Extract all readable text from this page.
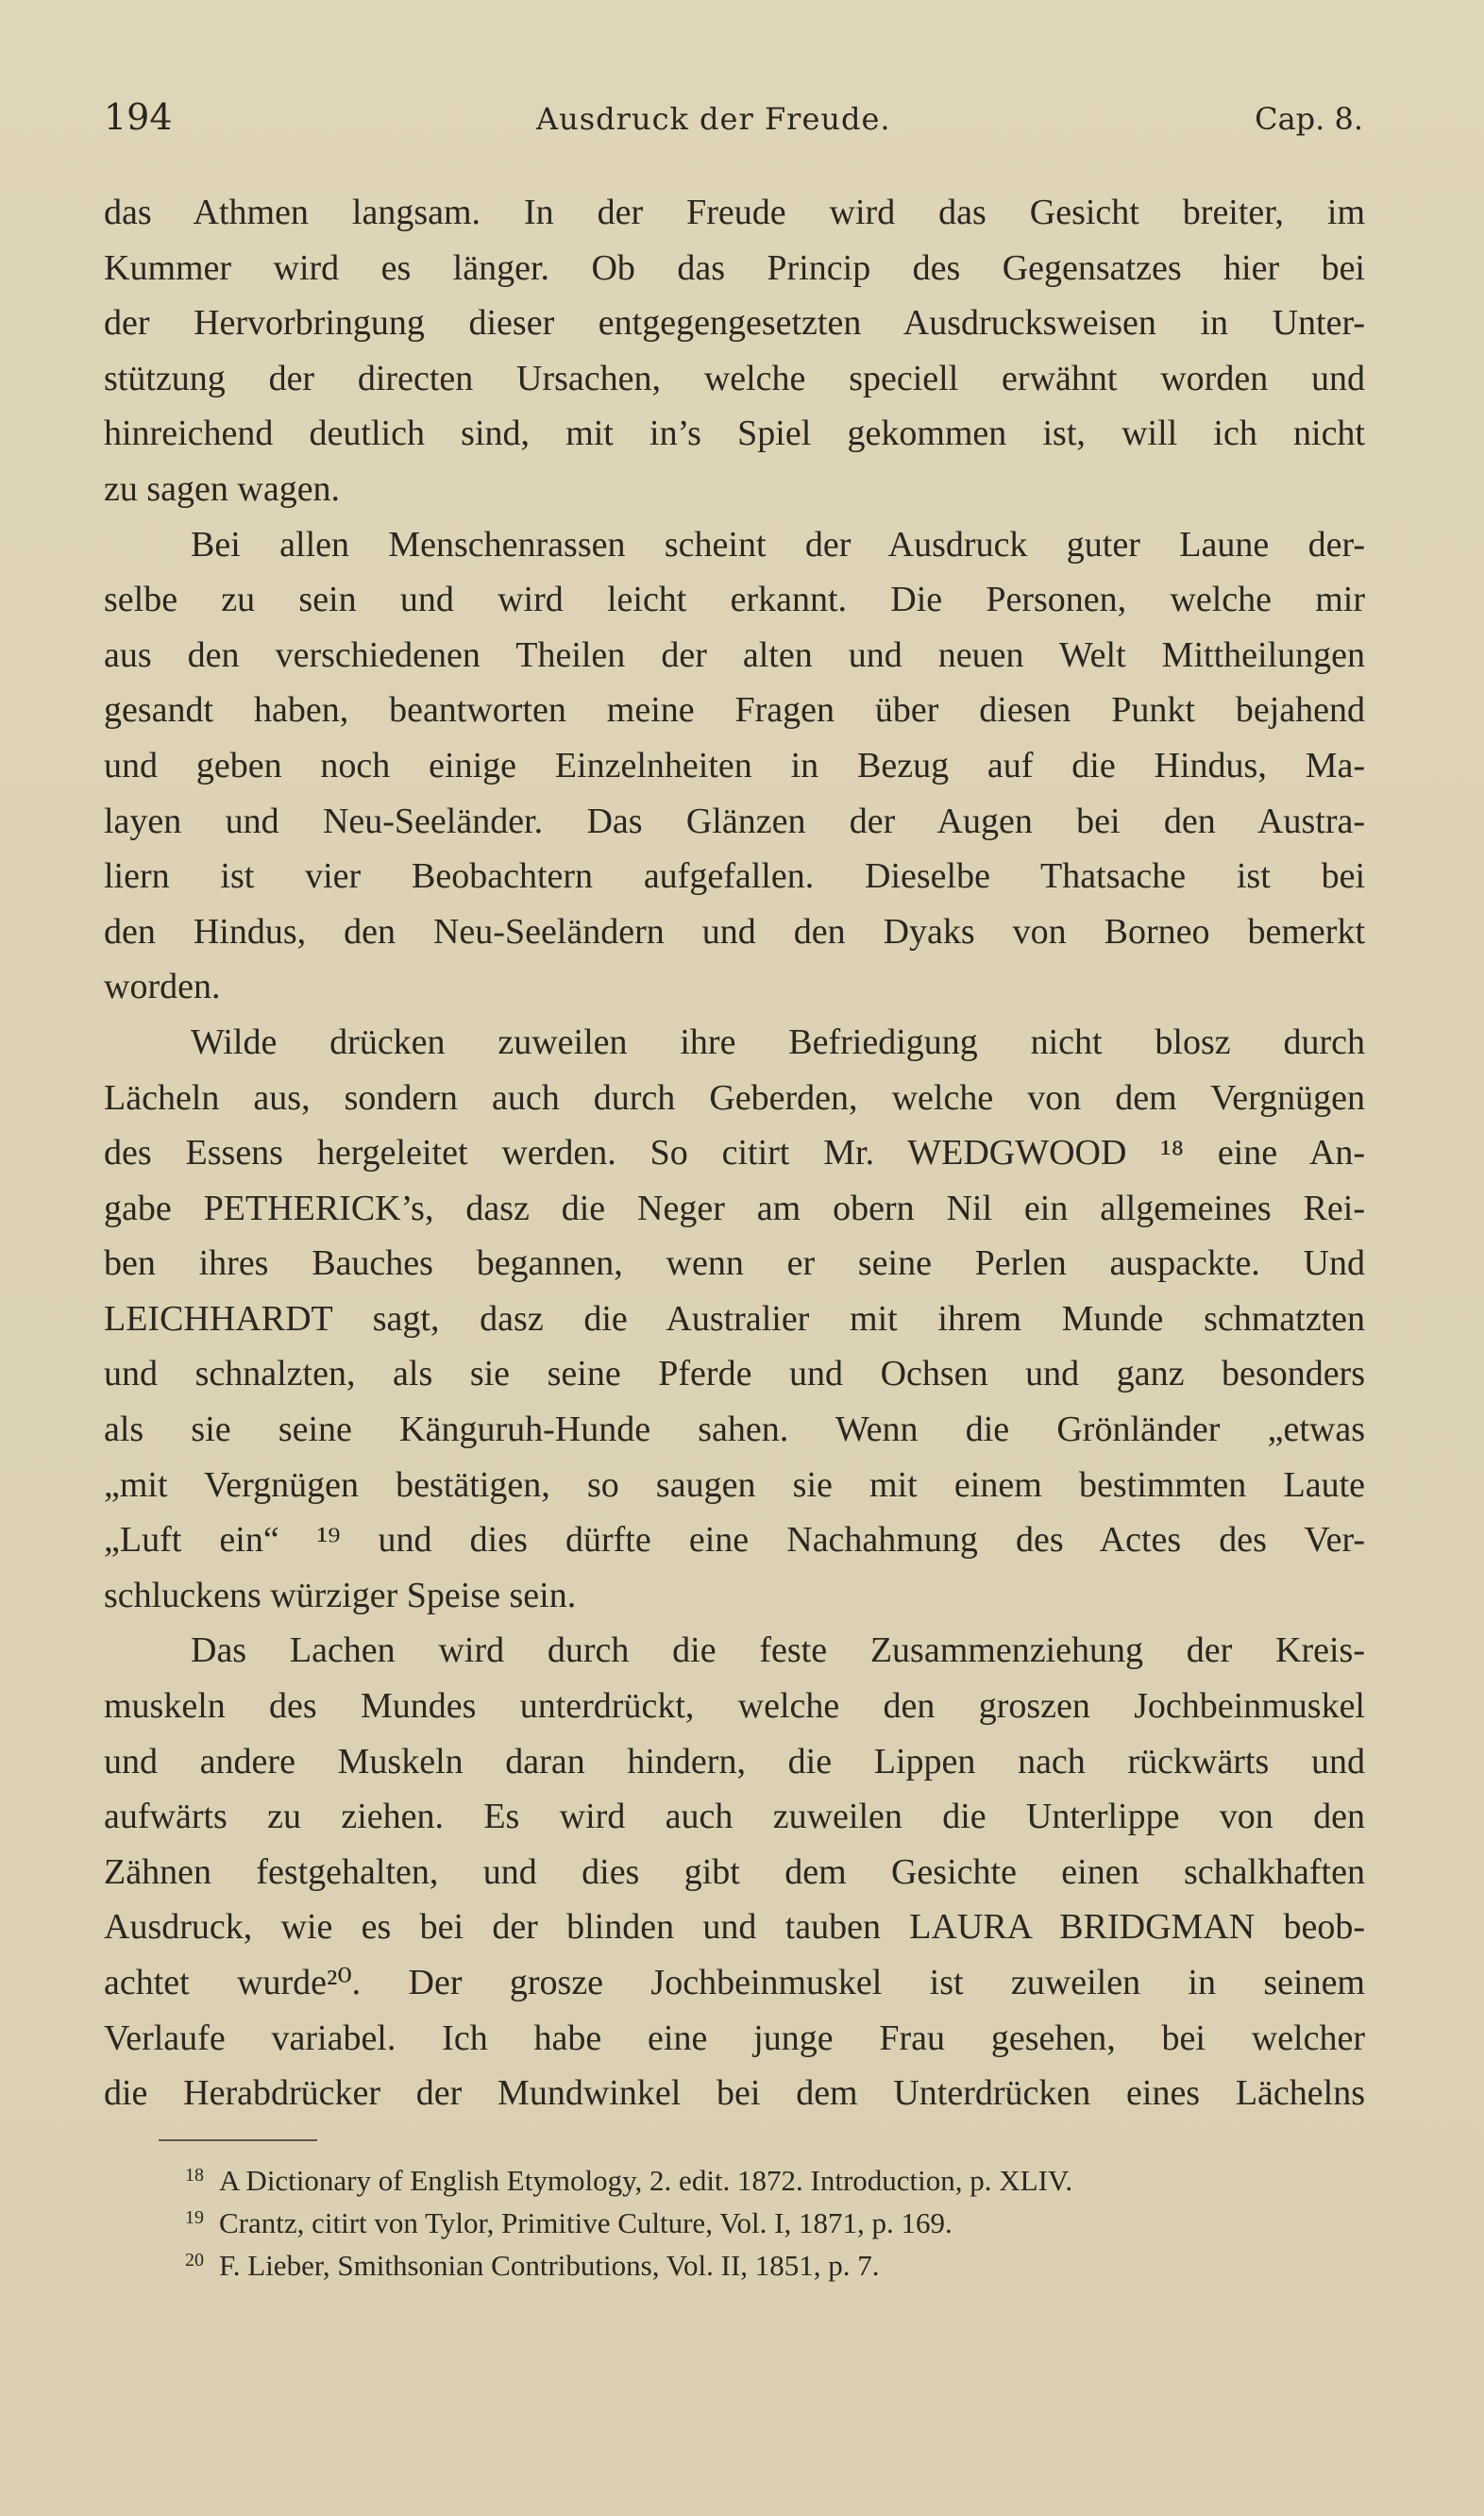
194	Ausdruck der Freude.	Cap. 8.
das Athmen langsam. In der Freude wird das Gesicht breiter, im
Kummer wird es länger. Ob das Princip des Gegensatzes hier bei
der Hervorbringung dieser entgegengesetzten Ausdrucksweisen in Unter-
stützung der directen Ursachen, welche speciell erwähnt worden und
hinreichend deutlich sind, mit in’s Spiel gekommen ist, will ich nicht
zu sagen wagen.
Bei allen Menschenrassen scheint der Ausdruck guter Laune der-
selbe zu sein und wird leicht erkannt. Die Personen, welche mir
aus den verschiedenen Theilen der alten und neuen Welt Mittheilungen
gesandt haben, beantworten meine Fragen über diesen Punkt bejahend
und geben noch einige Einzelnheiten in Bezug auf die Hindus, Ma-
layen und Neu-Seeländer. Das Glänzen der Augen bei den Austra-
liern ist vier Beobachtern aufgefallen. Dieselbe Thatsache ist bei
den Hindus, den Neu-Seeländern und den Dyaks von Borneo bemerkt
worden.
Wilde drücken zuweilen ihre Befriedigung nicht blosz durch
Lächeln aus, sondern auch durch Geberden, welche von dem Vergnügen
des Essens hergeleitet werden. So citirt Mr. WEDGWOOD ¹⁸ eine An-
gabe PETHERICK’s, dasz die Neger am obern Nil ein allgemeines Rei-
ben ihres Bauches begannen, wenn er seine Perlen auspackte. Und
LEICHHARDT sagt, dasz die Australier mit ihrem Munde schmatzten
und schnalzten, als sie seine Pferde und Ochsen und ganz besonders
als sie seine Känguruh-Hunde sahen. Wenn die Grönländer „etwas
„mit Vergnügen bestätigen, so saugen sie mit einem bestimmten Laute
„Luft ein“ ¹⁹ und dies dürfte eine Nachahmung des Actes des Ver-
schluckens würziger Speise sein.
Das Lachen wird durch die feste Zusammenziehung der Kreis-
muskeln des Mundes unterdrückt, welche den groszen Jochbeinmuskel
und andere Muskeln daran hindern, die Lippen nach rückwärts und
aufwärts zu ziehen. Es wird auch zuweilen die Unterlippe von den
Zähnen festgehalten, und dies gibt dem Gesichte einen schalkhaften
Ausdruck, wie es bei der blinden und tauben LAURA BRIDGMAN beob-
achtet wurde²⁰. Der grosze Jochbeinmuskel ist zuweilen in seinem
Verlaufe variabel. Ich habe eine junge Frau gesehen, bei welcher
die Herabdrücker der Mundwinkel bei dem Unterdrücken eines Lächelns
$^{18}$ A Dictionary of English Etymology, 2. edit. 1872. Introduction, p. XLIV.
$^{19}$ Crantz, citirt von Tylor, Primitive Culture, Vol. I, 1871, p. 169.
$^{20}$ F. Lieber, Smithsonian Contributions, Vol. II, 1851, p. 7.
